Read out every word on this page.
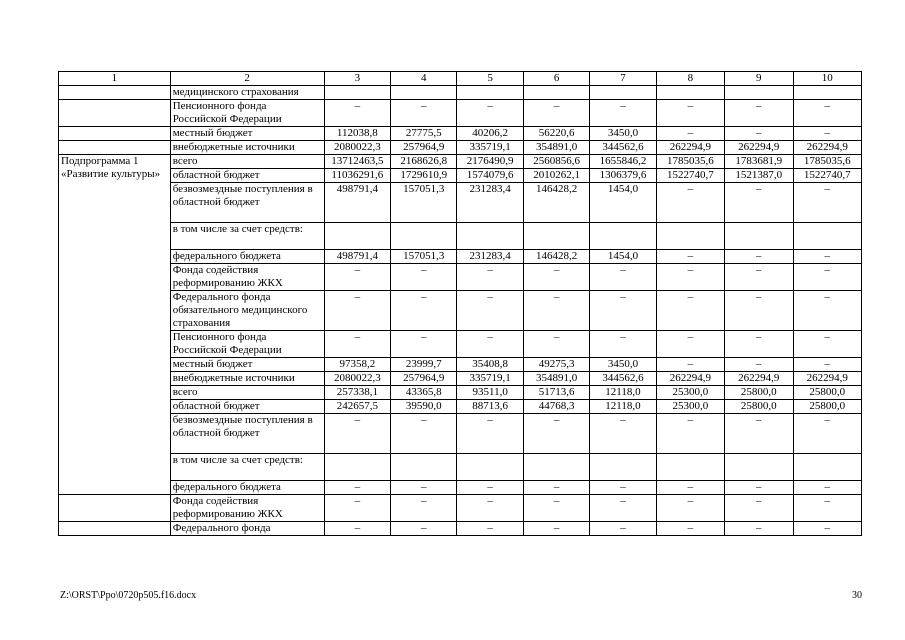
1	2	3	4	5	6	7	8	9	10
	медицинского страхования								
	Пенсионного фонда Российской Федерации	–	–	–	–	–	–	–	–
	местный бюджет	112038,8	27775,5	40206,2	56220,6	3450,0	–	–	–
	внебюджетные источники	2080022,3	257964,9	335719,1	354891,0	344562,6	262294,9	262294,9	262294,9
Подпрограмма 1 «Развитие культуры»	всего	13712463,5	2168626,8	2176490,9	2560856,6	1655846,2	1785035,6	1783681,9	1785035,6
	областной бюджет	11036291,6	1729610,9	1574079,6	2010262,1	1306379,6	1522740,7	1521387,0	1522740,7
	безвозмездные поступления в областной бюджет	498791,4	157051,3	231283,4	146428,2	1454,0	–	–	–
	в том числе за счет средств:								
	федерального бюджета	498791,4	157051,3	231283,4	146428,2	1454,0	–	–	–
	Фонда содействия реформированию ЖКХ	–	–	–	–	–	–	–	–
	Федерального фонда обязательного медицинского страхования	–	–	–	–	–	–	–	–
	Пенсионного фонда Российской Федерации	–	–	–	–	–	–	–	–
	местный бюджет	97358,2	23999,7	35408,8	49275,3	3450,0	–	–	–
	внебюджетные источники	2080022,3	257964,9	335719,1	354891,0	344562,6	262294,9	262294,9	262294,9
	всего	257338,1	43365,8	93511,0	51713,6	12118,0	25300,0	25800,0	25800,0
	областной бюджет	242657,5	39590,0	88713,6	44768,3	12118,0	25300,0	25800,0	25800,0
	безвозмездные поступления в областной бюджет	–	–	–	–	–	–	–	–
	в том числе за счет средств:								
	федерального бюджета	–	–	–	–	–	–	–	–
	Фонда содействия реформированию ЖКХ	–	–	–	–	–	–	–	–
	Федерального фонда	–	–	–	–	–	–	–	–
Z:\ORST\Ppo\0720p505.f16.docx	30
